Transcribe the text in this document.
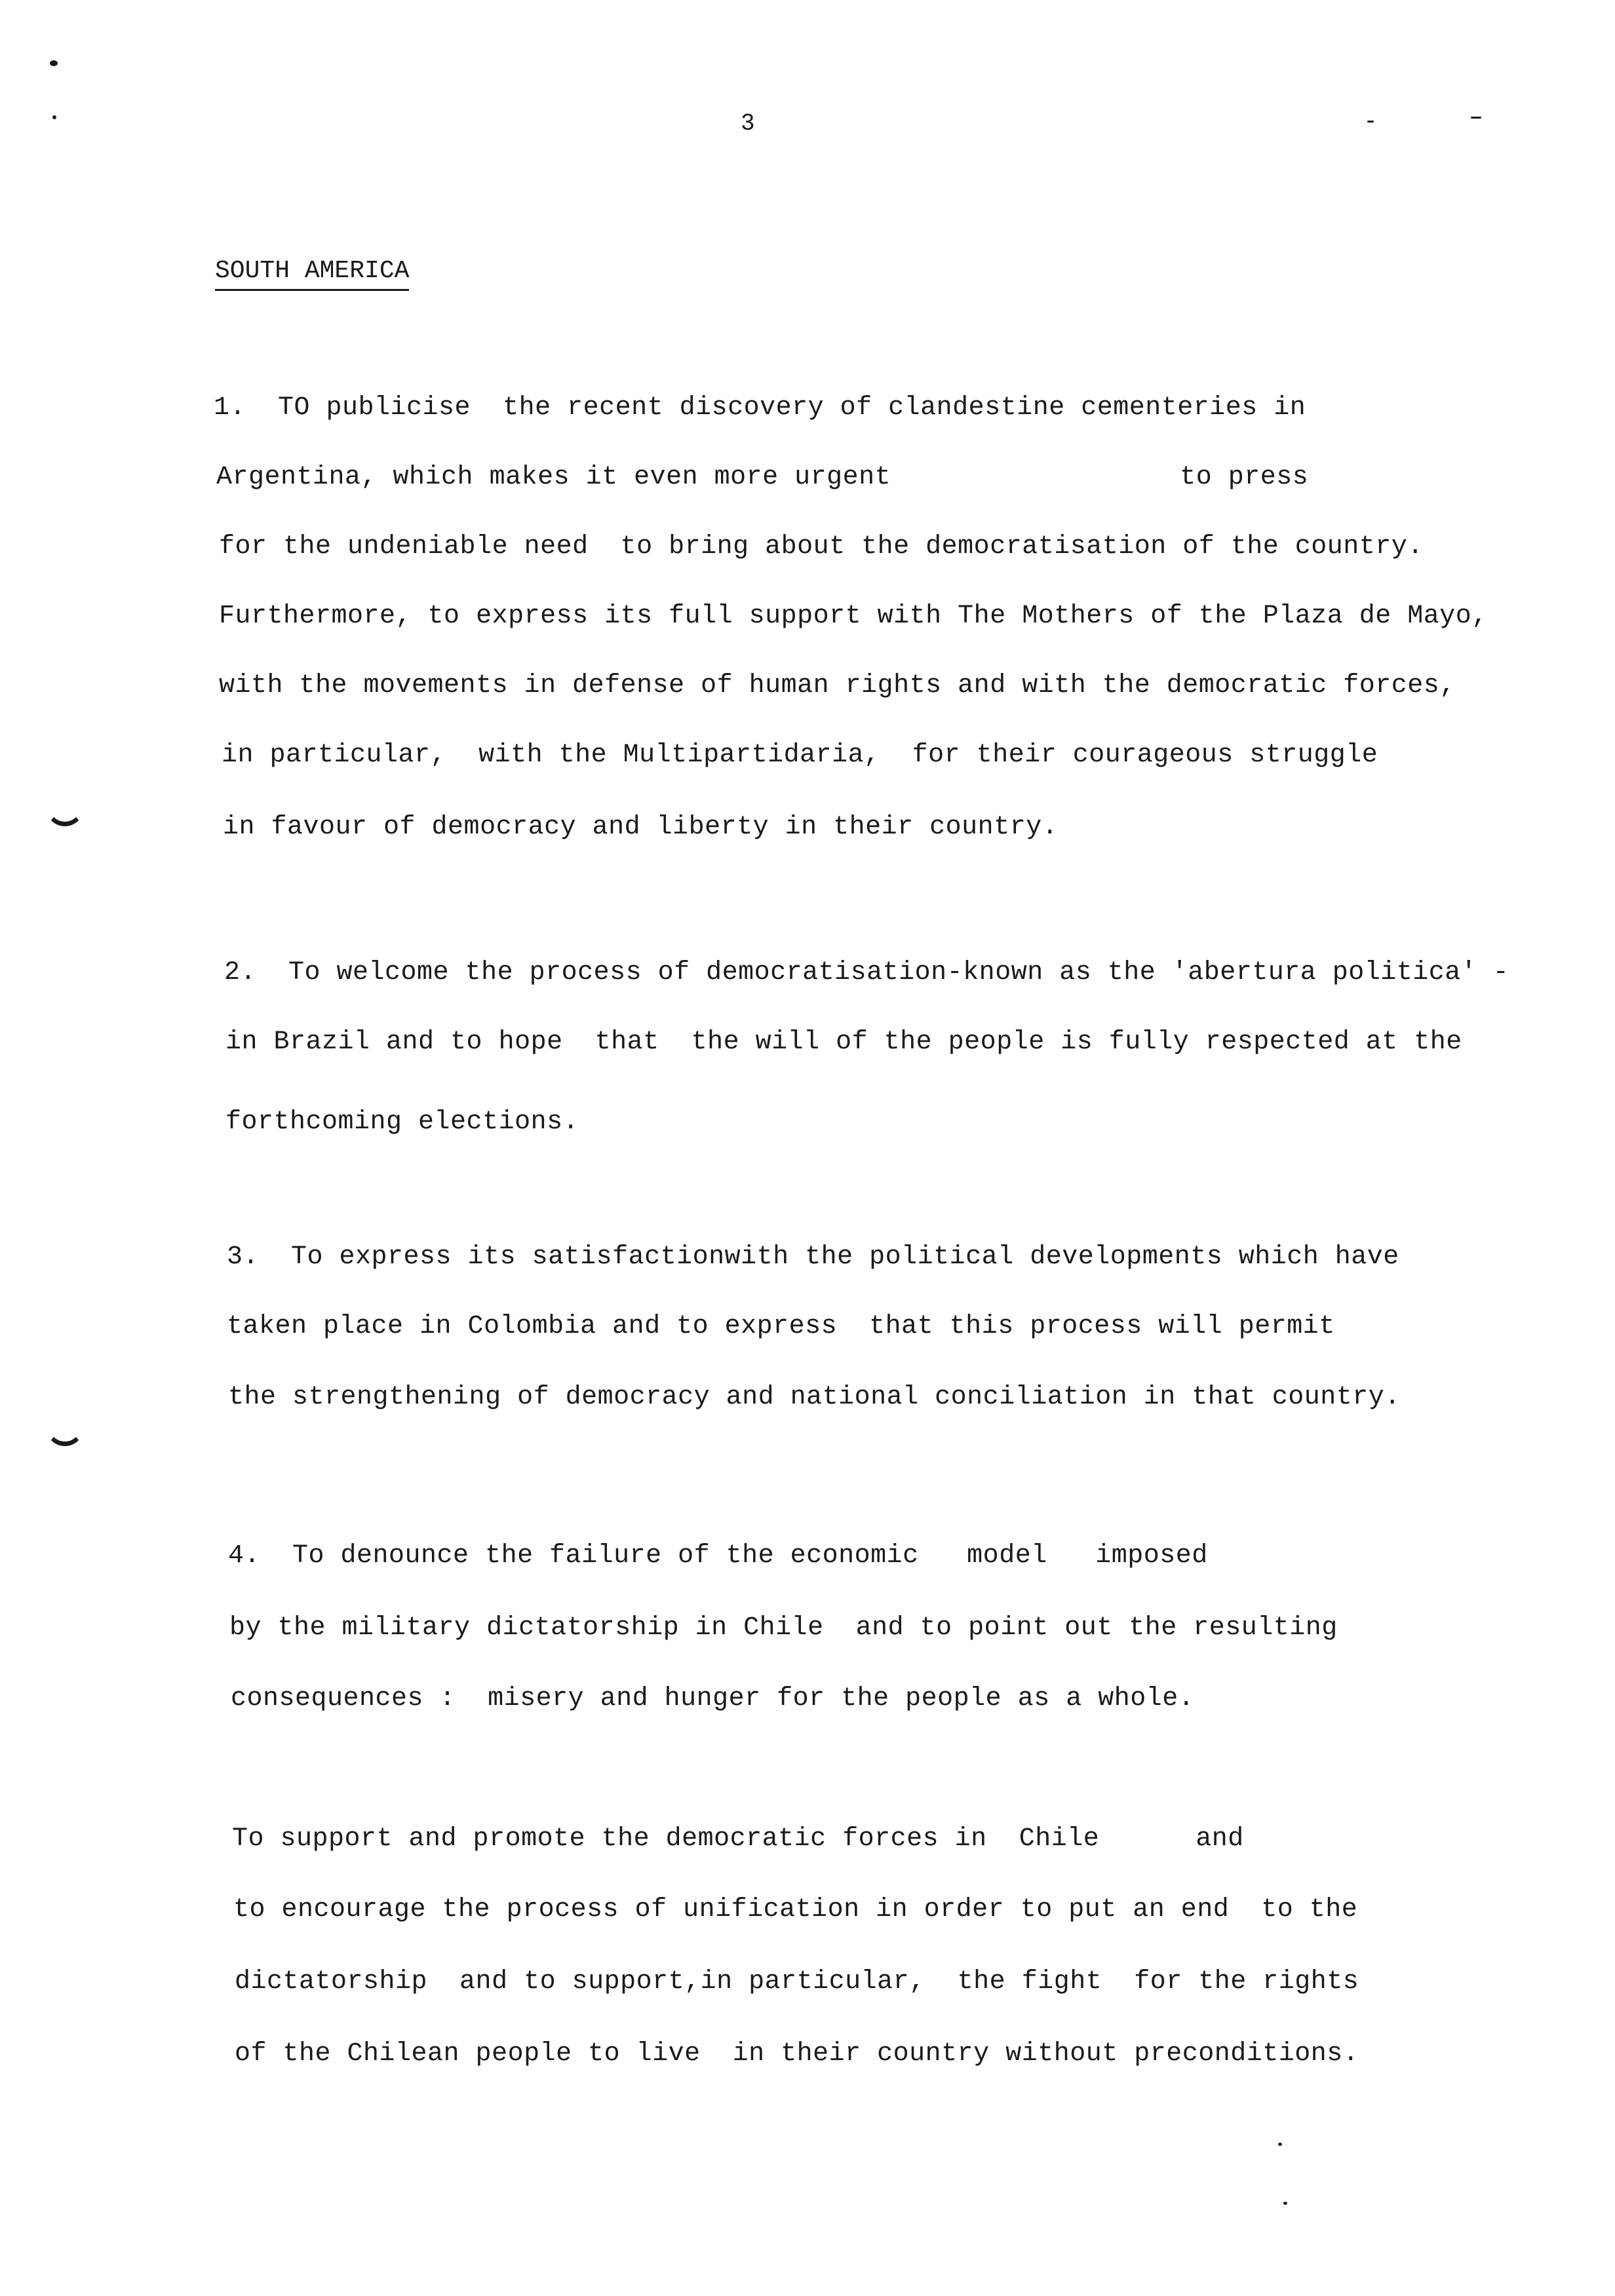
3
SOUTH AMERICA
1.  TO publicise  the recent discovery of clandestine cementeries in
Argentina, which makes it even more urgent                  to press
for the undeniable need  to bring about the democratisation of the country.
Furthermore, to express its full support with The Mothers of the Plaza de Mayo,
with the movements in defense of human rights and with the democratic forces,
in particular,  with the Multipartidaria,  for their courageous struggle
in favour of democracy and liberty in their country.
2.  To welcome the process of democratisation-known as the 'abertura politica' -
in Brazil and to hope  that  the will of the people is fully respected at the
forthcoming elections.
3.  To express its satisfactionwith the political developments which have
taken place in Colombia and to express  that this process will permit
the strengthening of democracy and national conciliation in that country.
4.  To denounce the failure of the economic   model   imposed
by the military dictatorship in Chile  and to point out the resulting
consequences :  misery and hunger for the people as a whole.
To support and promote the democratic forces in  Chile      and
to encourage the process of unification in order to put an end  to the
dictatorship  and to support,in particular,  the fight  for the rights
of the Chilean people to live  in their country without preconditions.
